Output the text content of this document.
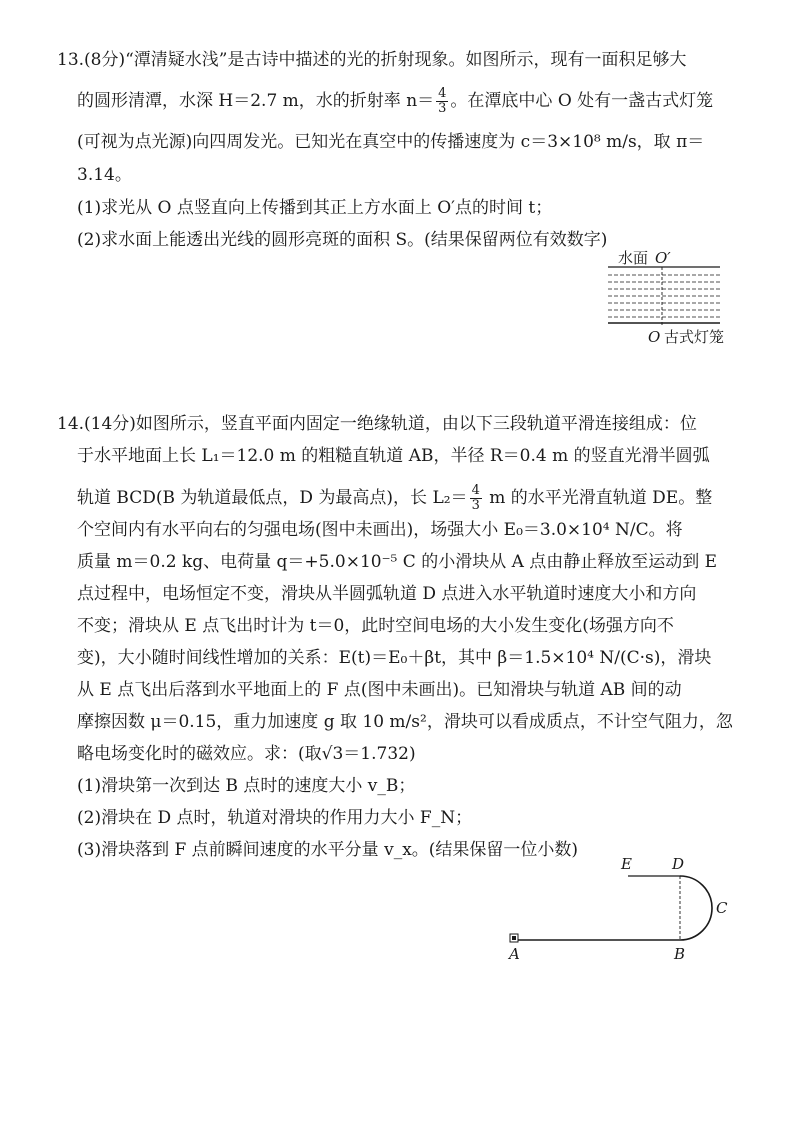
13.(8分)“潭清疑水浅”是古诗中描述的光的折射现象。如图所示，现有一面积足够大
的圆形清潭，水深 H＝2.7 m，水的折射率 $n= \frac{4}{3}$ 。在潭底中心 O 处有一盏古式灯笼
(可视为点光源)向四周发光。已知光在真空中的传播速度为 c＝3×10⁸ m/s，取 π＝
3.14。
(1)求光从 O 点竖直向上传播到其正上方水面上 O′点的时间 t；
(2)求水面上能透出光线的圆形亮斑的面积 S。(结果保留两位有效数字)
水面 O′
O 古式灯笼
14.(14分)如图所示，竖直平面内固定一绝缘轨道，由以下三段轨道平滑连接组成：位
于水平地面上长 L₁＝12.0 m 的粗糙直轨道 AB，半径 R＝0.4 m 的竖直光滑半圆弧
轨道 BCD(B 为轨道最低点，D 为最高点)，长 $L_2= \frac{4}{3}$ m 的水平光滑直轨道 DE。整
个空间内有水平向右的匀强电场(图中未画出)，场强大小 E₀＝3.0×10⁴ N/C。将
质量 m＝0.2 kg、电荷量 q＝+5.0×10⁻⁵ C 的小滑块从 A 点由静止释放至运动到 E
点过程中，电场恒定不变，滑块从半圆弧轨道 D 点进入水平轨道时速度大小和方向
不变；滑块从 E 点飞出时计为 t＝0，此时空间电场的大小发生变化(场强方向不
变)，大小随时间线性增加的关系：E(t)＝E₀＋βt，其中 β＝1.5×10⁴ N/(C·s)，滑块
从 E 点飞出后落到水平地面上的 F 点(图中未画出)。已知滑块与轨道 AB 间的动
摩擦因数 μ＝0.15，重力加速度 g 取 10 m/s²，滑块可以看成质点，不计空气阻力，忽
略电场变化时的磁效应。求：(取√3＝1.732)
(1)滑块第一次到达 B 点时的速度大小 v_B；
(2)滑块在 D 点时，轨道对滑块的作用力大小 F_N；
(3)滑块落到 F 点前瞬间速度的水平分量 v_x。(结果保留一位小数)
E	D
C
A	B
